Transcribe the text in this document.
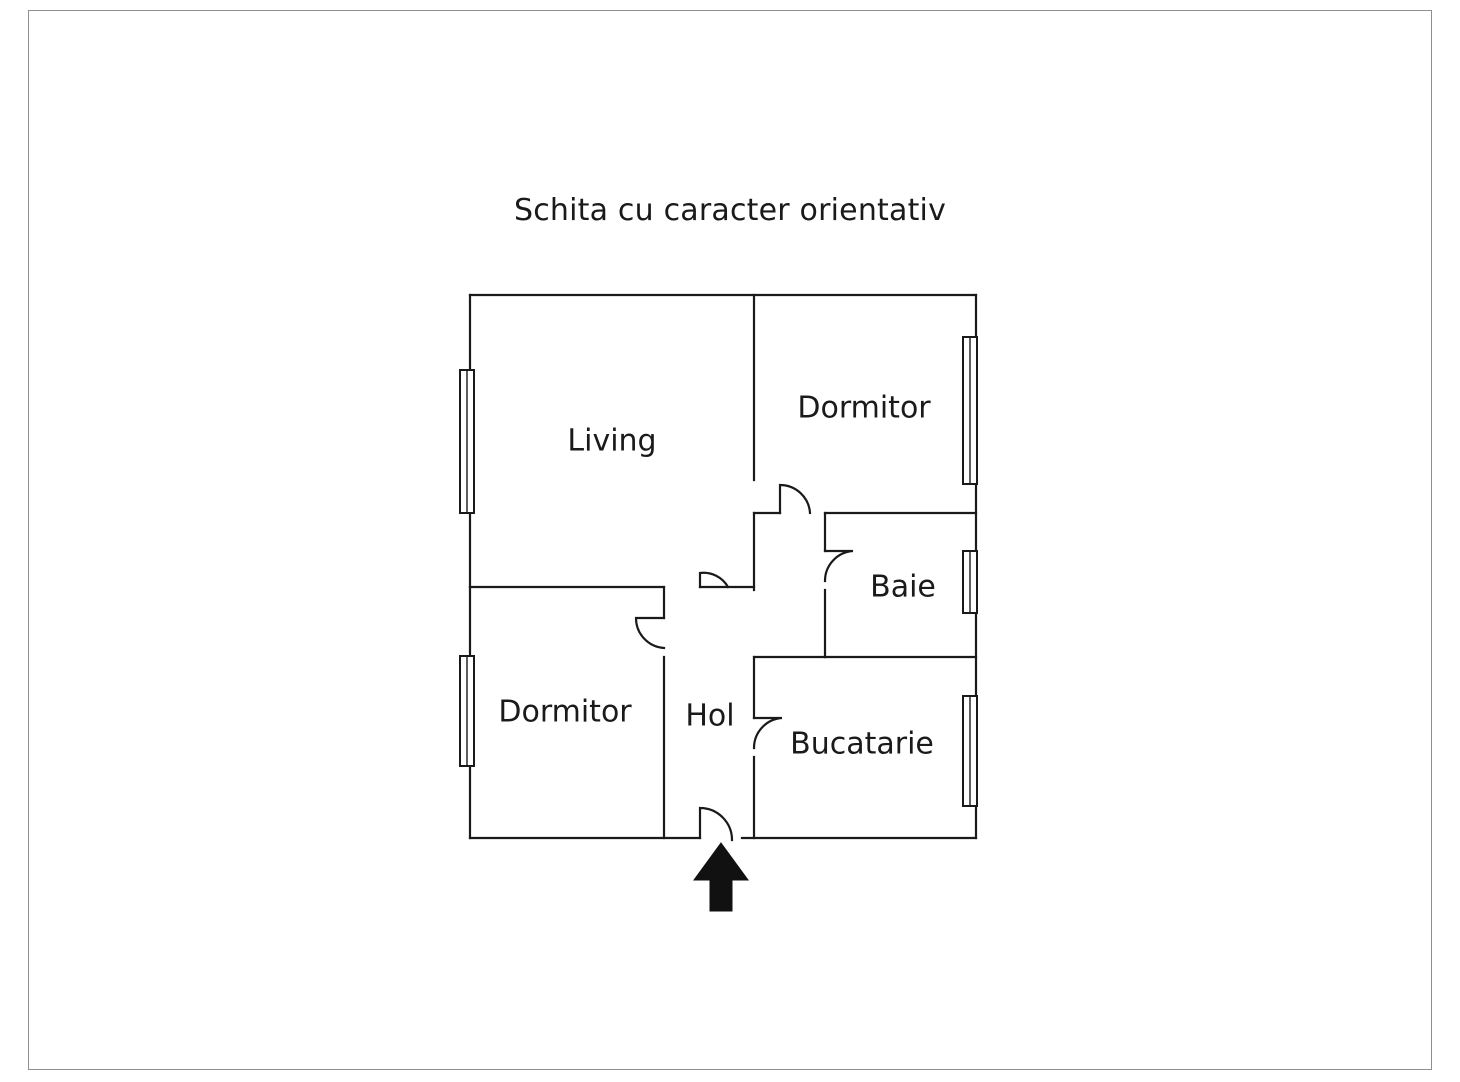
Schita cu caracter orientativ
Living
Dormitor
Baie
Dormitor Hol
Bucatarie
